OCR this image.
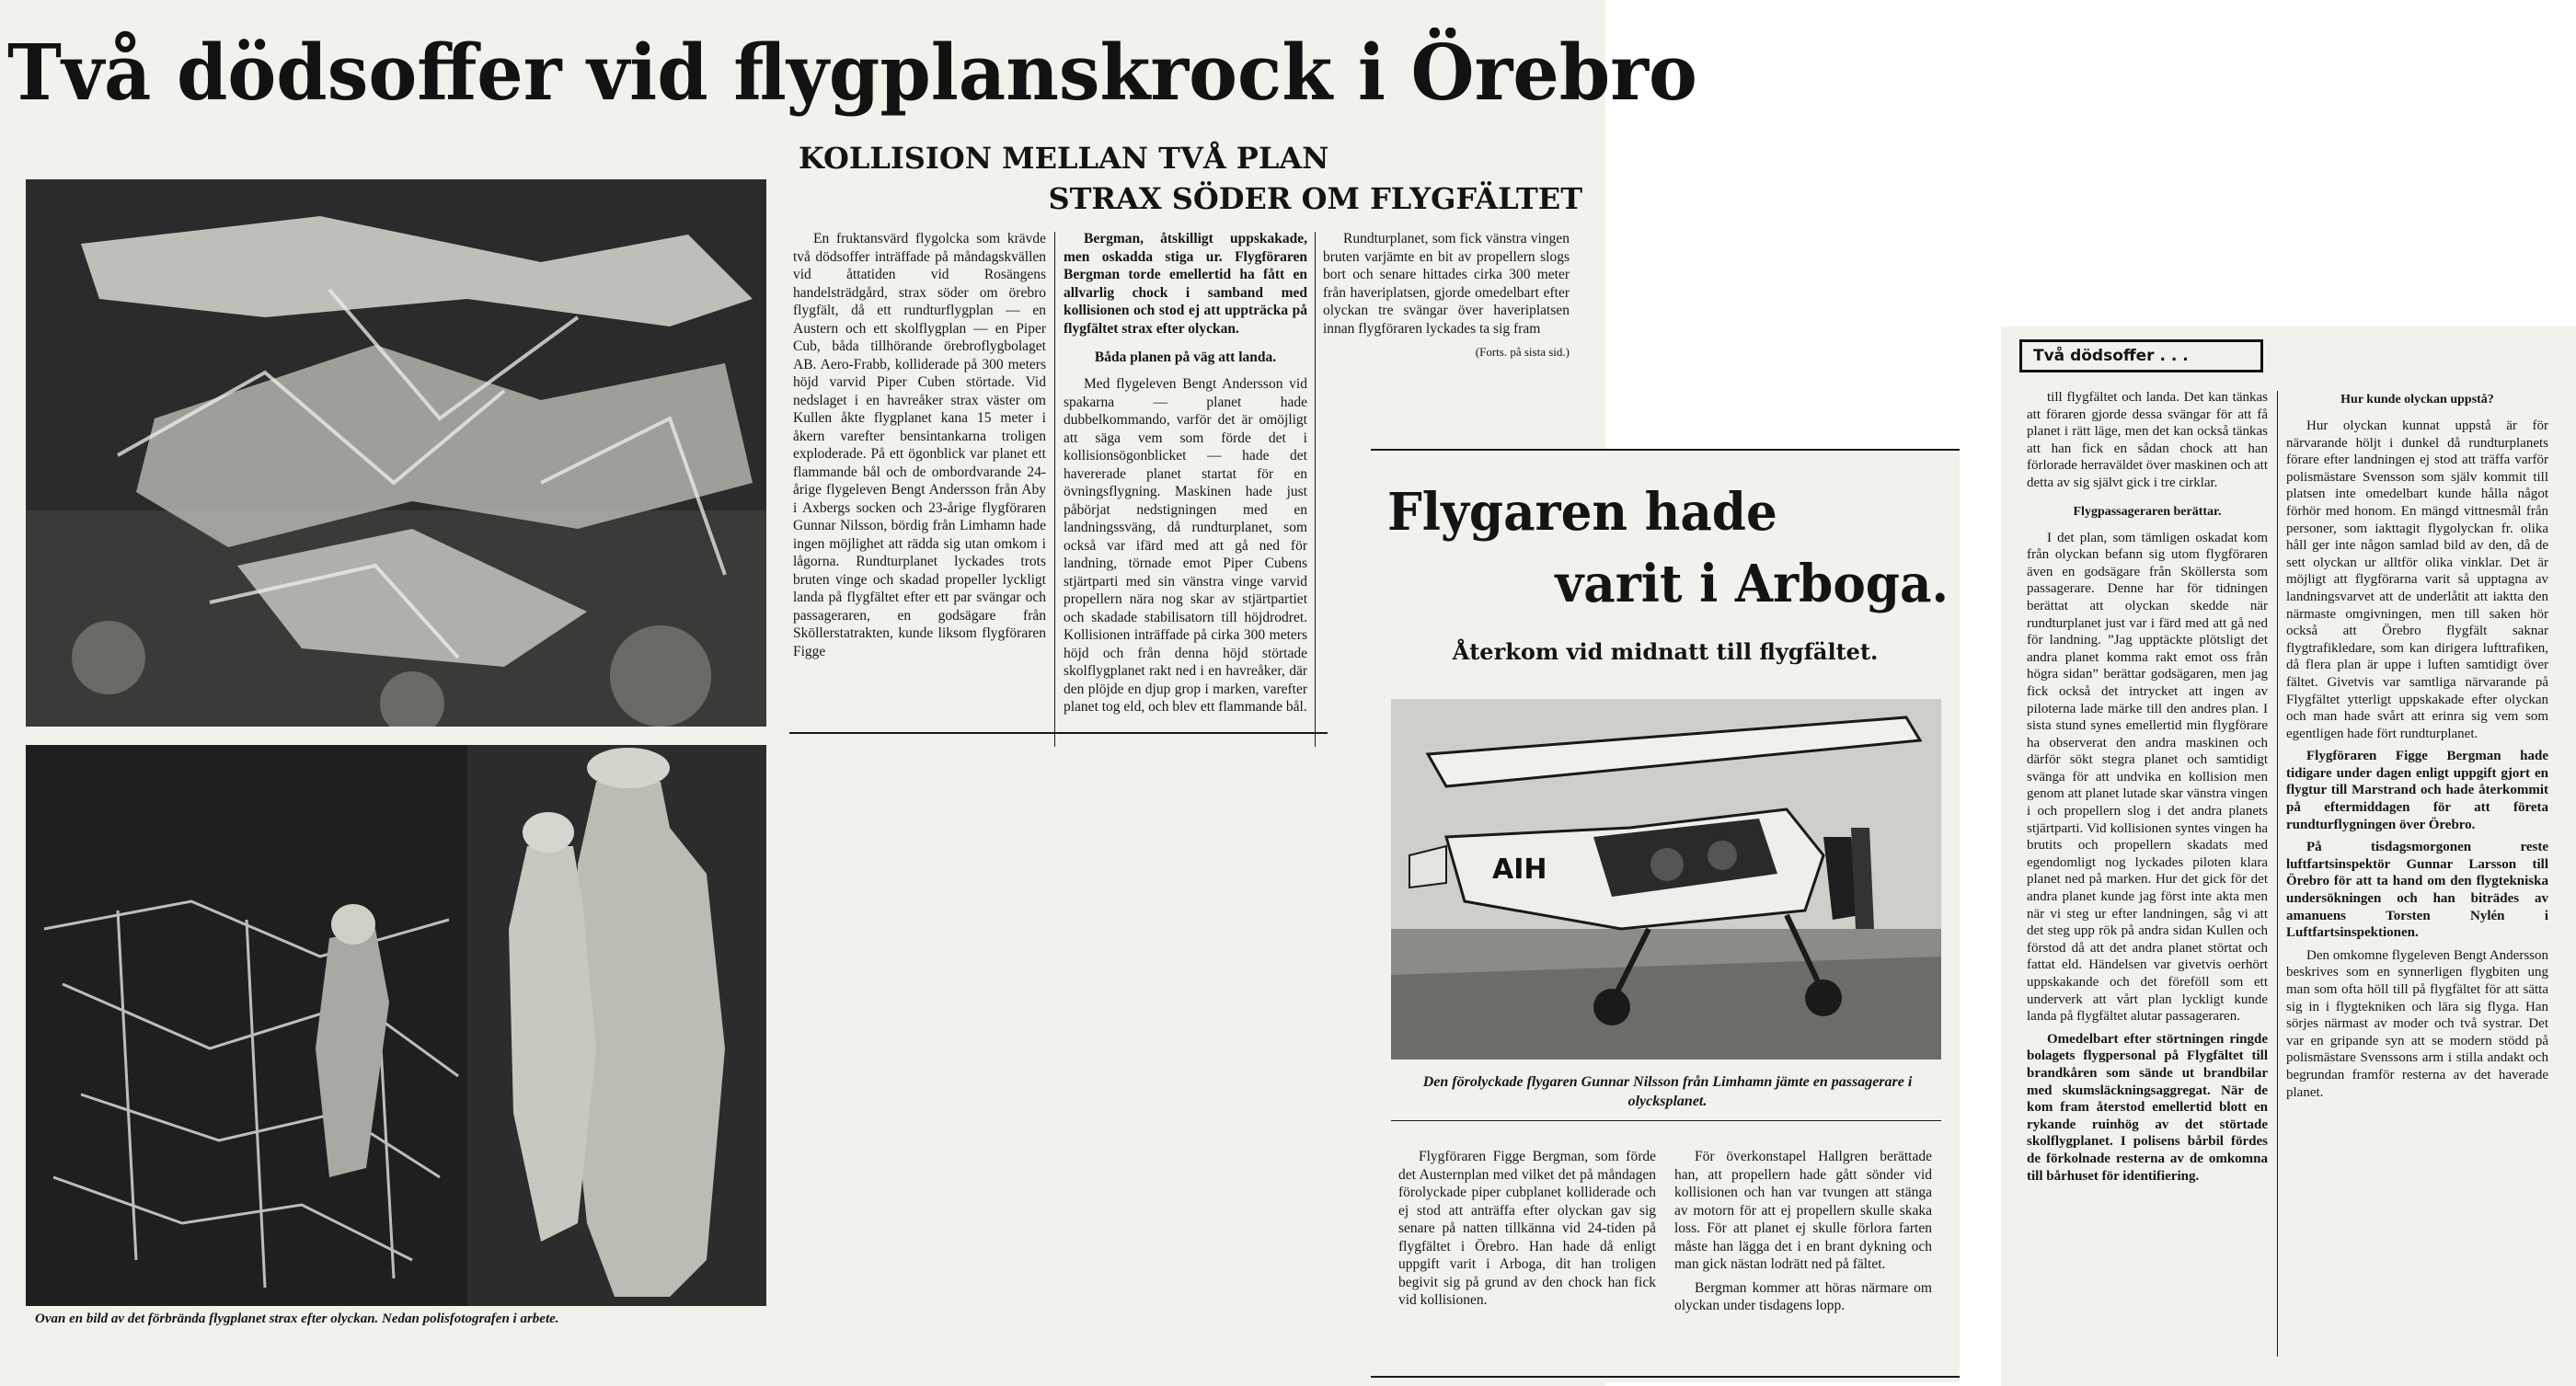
Två dödsoffer vid flygplanskrock i Örebro
Ovan en bild av det förbrända flygplanet strax efter olyckan. Nedan polisfotografen i arbete.
KOLLISION MELLAN TVÅ PLAN
STRAX SÖDER OM FLYGFÄLTET

En fruktansvärd flygolcka som krävde två dödsoffer inträffade på måndagskvällen vid åttatiden vid Rosängens handelsträdgård, strax söder om örebro flygfält, då ett rundturflygplan — en Austern och ett skolflygplan — en Piper Cub, båda tillhörande örebroflygbolaget AB. Aero-Frabb, kolliderade på 300 meters höjd varvid Piper Cuben störtade. Vid nedslaget i en havreåker strax väster om Kullen åkte flygplanet kana 15 meter i åkern varefter bensintankarna troligen exploderade. På ett ögonblick var planet ett flammande bål och de ombordvarande 24-årige flygeleven Bengt Andersson från Aby i Axbergs socken och 23-årige flygföraren Gunnar Nilsson, bördig från Limhamn hade ingen möjlighet att rädda sig utan omkom i lågorna. Rundturplanet lyckades trots bruten vinge och skadad propeller lyckligt landa på flygfältet efter ett par svängar och passageraren, en godsägare från Sköllerstatrakten, kunde liksom flygföraren Figge

Bergman, åtskilligt uppskakade, men oskadda stiga ur. Flygföraren Bergman torde emellertid ha fått en allvarlig chock i samband med kollisionen och stod ej att uppträcka på flygfältet strax efter olyckan.

Båda planen på väg att landa.

Med flygeleven Bengt Andersson vid spakarna — planet hade dubbelkommando, varför det är omöjligt att säga vem som förde det i kollisionsögonblicket — hade det havererade planet startat för en övningsflygning. Maskinen hade just påbörjat nedstigningen med en landningssväng, då rundturplanet, som också var ifärd med att gå ned för landning, törnade emot Piper Cubens stjärtparti med sin vänstra vinge varvid propellern nära nog skar av stjärtpartiet och skadade stabilisatorn till höjdrodret. Kollisionen inträffade på cirka 300 meters höjd och från denna höjd störtade skolflygplanet rakt ned i en havreåker, där den plöjde en djup grop i marken, varefter planet tog eld, och blev ett flammande bål.

Rundturplanet, som fick vänstra vingen bruten varjämte en bit av propellern slogs bort och senare hittades cirka 300 meter från haveriplatsen, gjorde omedelbart efter olyckan tre svängar över haveriplatsen innan flygföraren lyckades ta sig fram

(Forts. på sista sid.)
Flygaren hade
varit i Arboga.
Återkom vid midnatt till flygfältet.
AIH
Den förolyckade flygaren Gunnar Nilsson från Limhamn jämte en passagerare i olycksplanet.

Flygföraren Figge Bergman, som förde det Austernplan med vilket det på måndagen förolyckade piper cubplanet kolliderade och ej stod att anträffa efter olyckan gav sig senare på natten tillkänna vid 24-tiden på flygfältet i Örebro. Han hade då enligt uppgift varit i Arboga, dit han troligen begivit sig på grund av den chock han fick vid kollisionen.

För överkonstapel Hallgren berättade han, att propellern hade gått sönder vid kollisionen och han var tvungen att stänga av motorn för att ej propellern skulle skaka loss. För att planet ej skulle förlora farten måste han lägga det i en brant dykning och man gick nästan lodrätt ned på fältet.

Bergman kommer att höras närmare om olyckan under tisdagens lopp.

Två dödsoffer . . .

till flygfältet och landa. Det kan tänkas att föraren gjorde dessa svängar för att få planet i rätt läge, men det kan också tänkas att han fick en sådan chock att han förlorade herraväldet över maskinen och att detta av sig självt gick i tre cirklar.

Flygpassageraren berättar.

I det plan, som tämligen oskadat kom från olyckan befann sig utom flygföraren även en godsägare från Sköllersta som passagerare. Denne har för tidningen berättat att olyckan skedde när rundturplanet just var i färd med att gå ned för landning. ”Jag upptäckte plötsligt det andra planet komma rakt emot oss från högra sidan” berättar godsägaren, men jag fick också det intrycket att ingen av piloterna lade märke till den andres plan. I sista stund synes emellertid min flygförare ha observerat den andra maskinen och därför sökt stegra planet och samtidigt svänga för att undvika en kollision men genom att planet lutade skar vänstra vingen i och propellern slog i det andra planets stjärtparti. Vid kollisionen syntes vingen ha brutits och propellern skadats med egendomligt nog lyckades piloten klara planet ned på marken. Hur det gick för det andra planet kunde jag först inte akta men när vi steg ur efter landningen, såg vi att det steg upp rök på andra sidan Kullen och förstod då att det andra planet störtat och fattat eld. Händelsen var givetvis oerhört uppskakande och det föreföll som ett underverk att vårt plan lyckligt kunde landa på flygfältet alutar passageraren.

Omedelbart efter störtningen ringde bolagets flygpersonal på Flygfältet till brandkåren som sände ut brandbilar med skumsläckningsaggregat. När de kom fram återstod emellertid blott en rykande ruinhög av det störtade skolflygplanet. I polisens bårbil fördes de förkolnade resterna av de omkomna till bårhuset för identifiering.

Hur kunde olyckan uppstå?

Hur olyckan kunnat uppstå är för närvarande höljt i dunkel då rundturplanets förare efter landningen ej stod att träffa varför polismästare Svensson som själv kommit till platsen inte omedelbart kunde hålla något förhör med honom. En mängd vittnesmål från personer, som iakttagit flygolyckan fr. olika håll ger inte någon samlad bild av den, då de sett olyckan ur alltför olika vinklar. Det är möjligt att flygförarna varit så upptagna av landningsvarvet att de underlåtit att iaktta den närmaste omgivningen, men till saken hör också att Örebro flygfält saknar flygtrafikledare, som kan dirigera lufttrafiken, då flera plan är uppe i luften samtidigt över fältet. Givetvis var samtliga närvarande på Flygfältet ytterligt uppskakade efter olyckan och man hade svårt att erinra sig vem som egentligen hade fört rundturplanet.

Flygföraren Figge Bergman hade tidigare under dagen enligt uppgift gjort en flygtur till Marstrand och hade återkommit på eftermiddagen för att företa rundturflygningen över Örebro.

På tisdagsmorgonen reste luftfartsinspektör Gunnar Larsson till Örebro för att ta hand om den flygtekniska undersökningen och han biträdes av amanuens Torsten Nylén i Luftfartsinspektionen.

Den omkomne flygeleven Bengt Andersson beskrives som en synnerligen flygbiten ung man som ofta höll till på flygfältet för att sätta sig in i flygtekniken och lära sig flyga. Han sörjes närmast av moder och två systrar. Det var en gripande syn att se modern stödd på polismästare Svenssons arm i stilla andakt och begrundan framför resterna av det haverade planet.
